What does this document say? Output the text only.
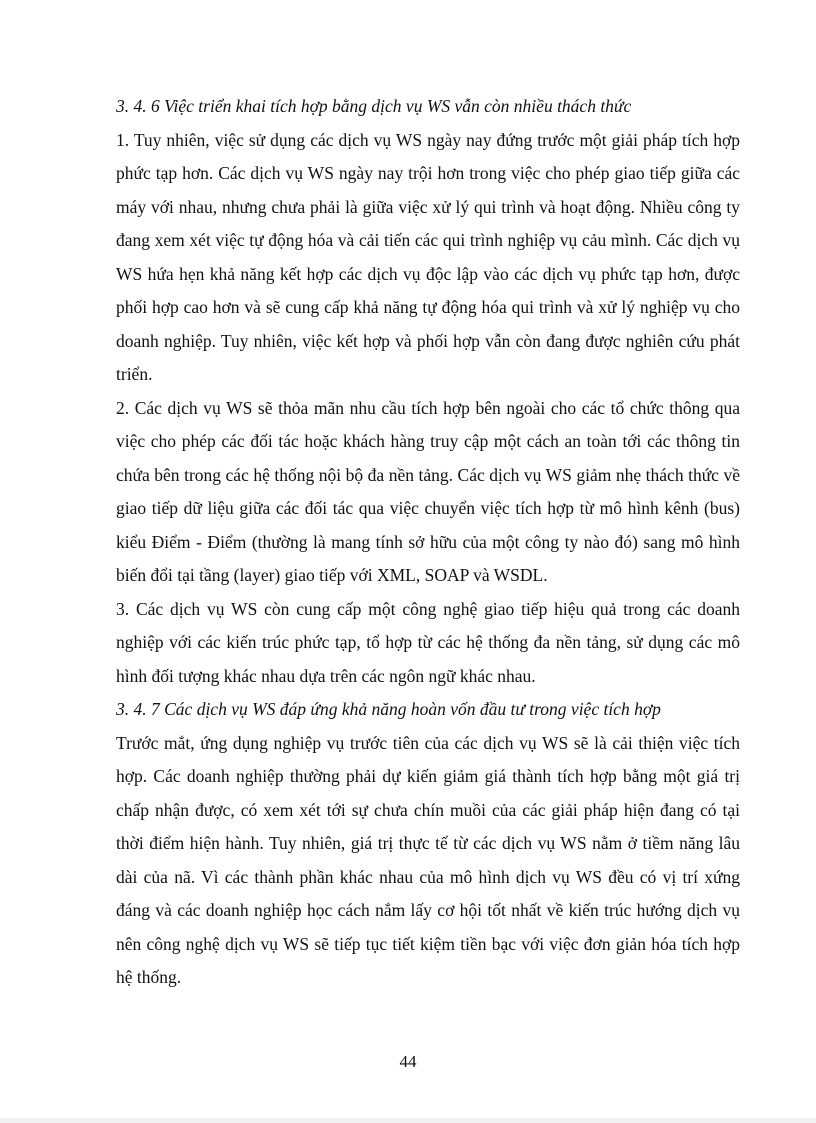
3. 4. 6 Việc triển khai tích hợp bằng dịch vụ WS vẫn còn nhiều thách thức

1. Tuy nhiên, việc sử dụng các dịch vụ WS ngày nay đứng trước một giải pháp tích hợp phức tạp hơn. Các dịch vụ WS ngày nay trội hơn trong việc cho phép giao tiếp giữa các máy với nhau, nhưng chưa phải là giữa việc xử lý qui trình và hoạt động. Nhiều công ty đang xem xét việc tự động hóa và cải tiến các qui trình nghiệp vụ cảu mình. Các dịch vụ WS hứa hẹn khả năng kết hợp các dịch vụ độc lập vào các dịch vụ phức tạp hơn, được phối hợp cao hơn và sẽ cung cấp khả năng tự động hóa qui trình và xử lý nghiệp vụ cho doanh nghiệp. Tuy nhiên, việc kết hợp và phối hợp vẫn còn đang được nghiên cứu phát triển.

2. Các dịch vụ WS sẽ thỏa mãn nhu cầu tích hợp bên ngoài cho các tổ chức thông qua việc cho phép các đối tác hoặc khách hàng truy cập một cách an toàn tới các thông tin chứa bên trong các hệ thống nội bộ đa nền tảng. Các dịch vụ WS giảm nhẹ thách thức về giao tiếp dữ liệu giữa các đối tác qua việc chuyển việc tích hợp từ mô hình kênh (bus) kiểu Điểm - Điểm (thường là mang tính sở hữu của một công ty nào đó) sang mô hình biến đổi tại tầng (layer) giao tiếp với XML, SOAP và WSDL.

3. Các dịch vụ WS còn cung cấp một công nghệ giao tiếp hiệu quả trong các doanh nghiệp với các kiến trúc phức tạp, tổ hợp từ các hệ thống đa nền tảng, sử dụng các mô hình đối tượng khác nhau dựa trên các ngôn ngữ khác nhau.

3. 4. 7 Các dịch vụ WS đáp ứng khả năng hoàn vốn đầu tư trong việc tích hợp

Trước mắt, ứng dụng nghiệp vụ trước tiên của các dịch vụ WS sẽ là cải thiện việc tích hợp. Các doanh nghiệp thường phải dự kiến giảm giá thành tích hợp bằng một giá trị chấp nhận được, có xem xét tới sự chưa chín muồi của các giải pháp hiện đang có tại thời điểm hiện hành. Tuy nhiên, giá trị thực tế từ các dịch vụ WS nằm ở tiềm năng lâu dài của nã. Vì các thành phần khác nhau của mô hình dịch vụ WS đều có vị trí xứng đáng và các doanh nghiệp học cách nắm lấy cơ hội tốt nhất về kiến trúc hướng dịch vụ nên công nghệ dịch vụ WS sẽ tiếp tục tiết kiệm tiền bạc với việc đơn giản hóa tích hợp hệ thống.

44
